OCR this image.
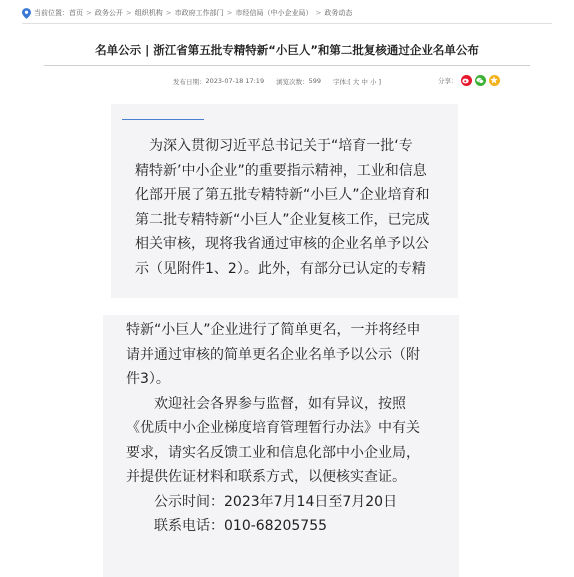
当前位置： 首页 > 政务公开 > 组织机构 > 市政府工作部门 > 市经信局（中小企业局） > 政务动态
名单公示 | 浙江省第五批专精特新“小巨人”和第二批复核通过企业名单公布
发布日期： 2023-07-18 17:19 浏览次数： 599 字体:[ 大 中 小 ]	分享：
　为深入贯彻习近平总书记关于“培育一批‘专
精特新’中小企业”的重要指示精神，工业和信息
化部开展了第五批专精特新“小巨人”企业培育和
第二批专精特新“小巨人”企业复核工作，已完成
相关审核，现将我省通过审核的企业名单予以公
示（见附件1、2）。此外，有部分已认定的专精
特新“小巨人”企业进行了简单更名，一并将经申
请并通过审核的简单更名企业名单予以公示（附
件3）。
　　欢迎社会各界参与监督，如有异议，按照
《优质中小企业梯度培育管理暂行办法》中有关
要求，请实名反馈工业和信息化部中小企业局，
并提供佐证材料和联系方式，以便核实查证。
　　公示时间：2023年7月14日至7月20日
　　联系电话：010-68205755
